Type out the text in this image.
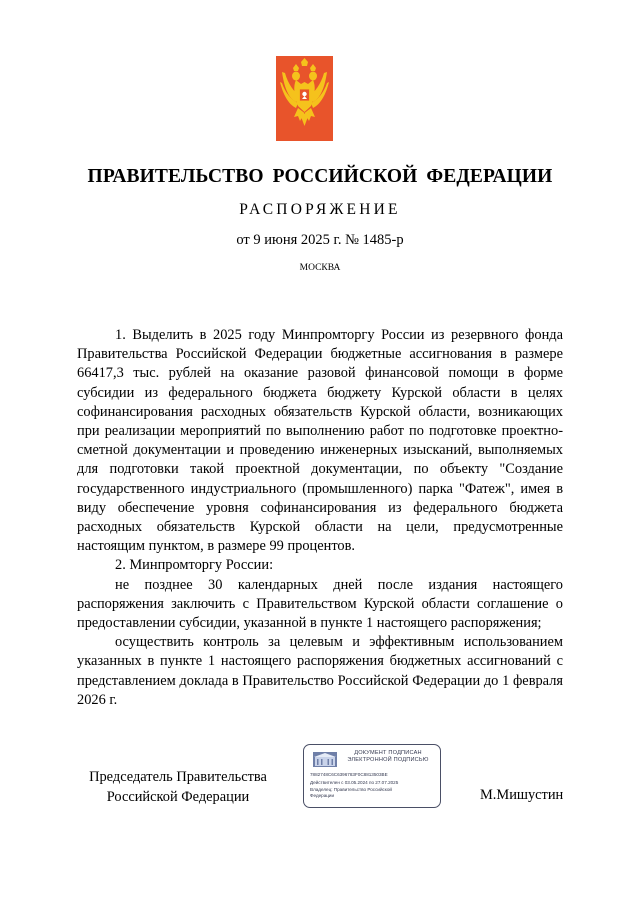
ПРАВИТЕЛЬСТВО РОССИЙСКОЙ ФЕДЕРАЦИИ
РАСПОРЯЖЕНИЕ
от 9 июня 2025 г. № 1485-р
МОСКВА

1. Выделить в 2025 году Минпромторгу России из резервного фонда Правительства Российской Федерации бюджетные ассигнования в размере 66417,3 тыс. рублей на оказание разовой финансовой помощи в форме субсидии из федерального бюджета бюджету Курской области в целях софинансирования расходных обязательств Курской области, возникающих при реализации мероприятий по выполнению работ по подготовке проектно-сметной документации и проведению инженерных изысканий, выполняемых для подготовки такой проектной документации, по объекту "Создание государственного индустриального (промышленного) парка "Фатеж", имея в виду обеспечение уровня софинансирования из федерального бюджета расходных обязательств Курской области на цели, предусмотренные настоящим пунктом, в размере 99 процентов.

2. Минпромторгу России:

не позднее 30 календарных дней после издания настоящего распоряжения заключить с Правительством Курской области соглашение о предоставлении субсидии, указанной в пункте 1 настоящего распоряжения;

осуществить контроль за целевым и эффективным использованием указанных в пункте 1 настоящего распоряжения бюджетных ассигнований с представлением доклада в Правительство Российской Федерации до 1 февраля 2026 г.

Председатель Правительства
Российской Федерации
ДОКУМЕНТ ПОДПИСАН
ЭЛЕКТРОННОЙ ПОДПИСЬЮ
7882748C6C6396783F0C8813503BE
Действителен с 03.05.2024 по 27.07.2025
Владелец: Правительство Российской
Федерации	М.Мишустин
